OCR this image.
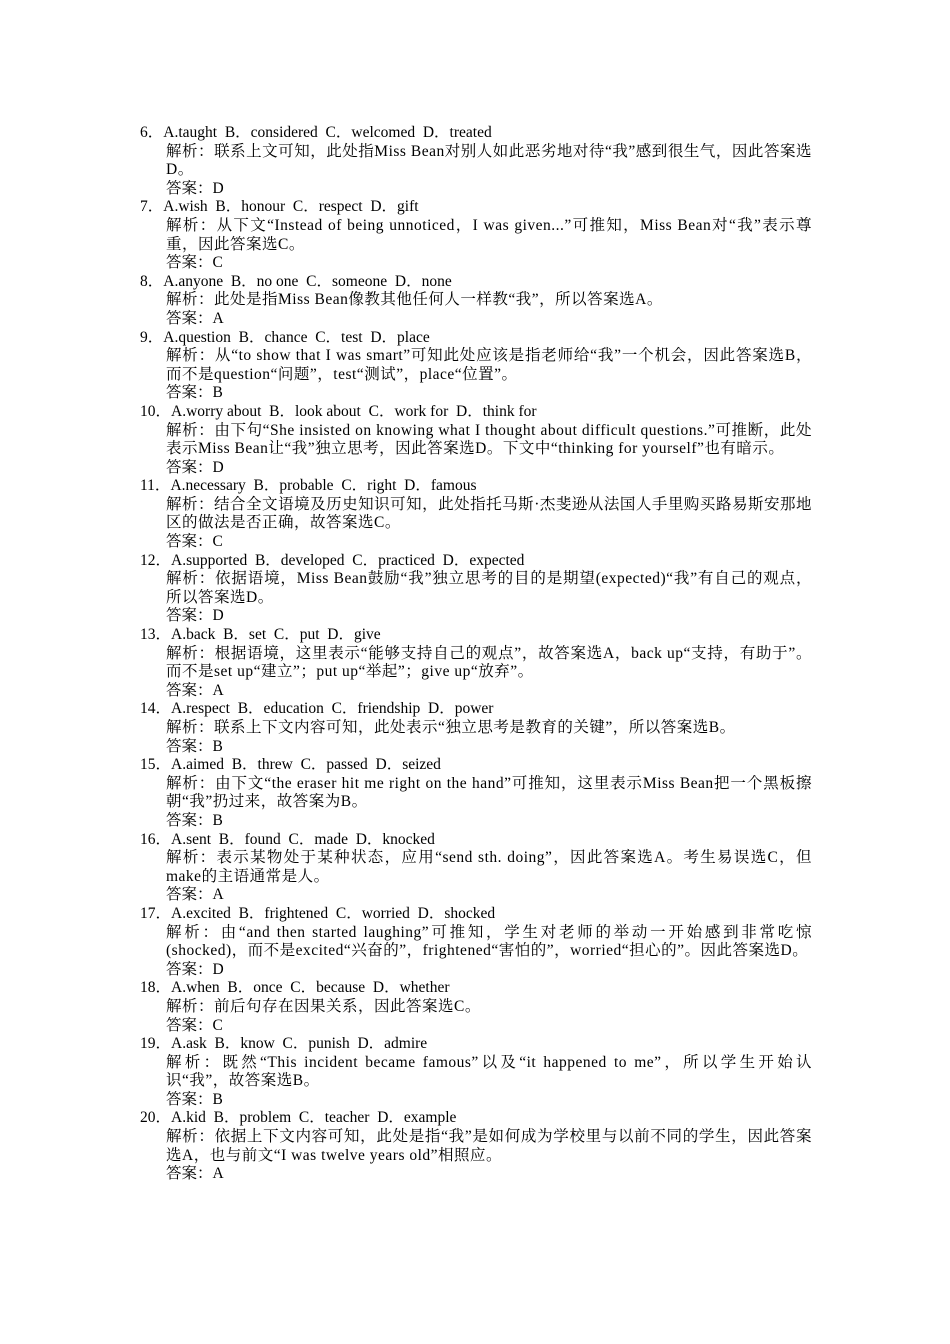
6．A.taught  B．considered  C．welcomed  D．treated
解析：联系上文可知，此处指Miss Bean对别人如此恶劣地对待“我”感到很生气，因此答案选D。
答案：D
7．A.wish  B．honour  C．respect  D．gift
解析：从下文“Instead of being unnoticed，I was given...”可推知，Miss Bean对“我”表示尊重，因此答案选C。
答案：C
8．A.anyone  B．no one  C．someone  D．none
解析：此处是指Miss Bean像教其他任何人一样教“我”，所以答案选A。
答案：A
9．A.question  B．chance  C．test  D．place
解析：从“to show that I was smart”可知此处应该是指老师给“我”一个机会，因此答案选B，而不是question“问题”，test“测试”，place“位置”。
答案：B
10．A.worry about  B．look about  C．work for  D．think for
解析：由下句“She insisted on knowing what I thought about difficult questions.”可推断，此处表示Miss Bean让“我”独立思考，因此答案选D。下文中“thinking for yourself”也有暗示。
答案：D
11．A.necessary  B．probable  C．right  D．famous
解析：结合全文语境及历史知识可知，此处指托马斯·杰斐逊从法国人手里购买路易斯安那地区的做法是否正确，故答案选C。
答案：C
12．A.supported  B．developed  C．practiced  D．expected
解析：依据语境，Miss Bean鼓励“我”独立思考的目的是期望(expected)“我”有自己的观点，所以答案选D。
答案：D
13．A.back  B．set  C．put  D．give
解析：根据语境，这里表示“能够支持自己的观点”，故答案选A，back up“支持，有助于”。而不是set up“建立”；put up“举起”；give up“放弃”。
答案：A
14．A.respect  B．education  C．friendship  D．power
解析：联系上下文内容可知，此处表示“独立思考是教育的关键”，所以答案选B。
答案：B
15．A.aimed  B．threw  C．passed  D．seized
解析：由下文“the eraser hit me right on the hand”可推知，这里表示Miss Bean把一个黑板擦朝“我”扔过来，故答案为B。
答案：B
16．A.sent  B．found  C．made  D．knocked
解析：表示某物处于某种状态，应用“send sth. doing”，因此答案选A。考生易误选C，但make的主语通常是人。
答案：A
17．A.excited  B．frightened  C．worried  D．shocked
解析：由“and then started laughing”可推知，学生对老师的举动一开始感到非常吃惊(shocked)，而不是excited“兴奋的”，frightened“害怕的”，worried“担心的”。因此答案选D。
答案：D
18．A.when  B．once  C．because  D．whether
解析：前后句存在因果关系，因此答案选C。
答案：C
19．A.ask  B．know  C．punish  D．admire
解析：既然“This incident became famous”以及“it happened to me”，所以学生开始认识“我”，故答案选B。
答案：B
20．A.kid  B．problem  C．teacher  D．example
解析：依据上下文内容可知，此处是指“我”是如何成为学校里与以前不同的学生，因此答案选A，也与前文“I was twelve years old”相照应。
答案：A
